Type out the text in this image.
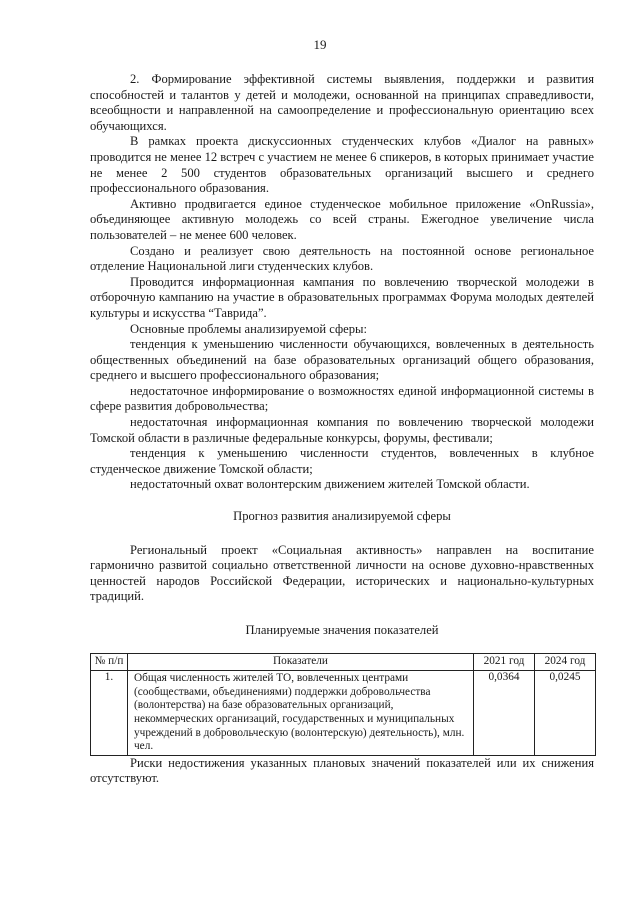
19

2. Формирование эффективной системы выявления, поддержки и развития способностей и талантов у детей и молодежи, основанной на принципах справедливости, всеобщности и направленной на самоопределение и профессиональную ориентацию всех обучающихся.

В рамках проекта дискуссионных студенческих клубов «Диалог на равных» проводится не менее 12 встреч с участием не менее 6 спикеров, в которых принимает участие не менее 2 500 студентов образовательных организаций высшего и среднего профессионального образования.

Активно продвигается единое студенческое мобильное приложение «OnRussia», объединяющее активную молодежь со всей страны. Ежегодное увеличение числа пользователей – не менее 600 человек.

Создано и реализует свою деятельность на постоянной основе региональное отделение Национальной лиги студенческих клубов.

Проводится информационная кампания по вовлечению творческой молодежи в отборочную кампанию на участие в образовательных программах Форума молодых деятелей культуры и искусства “Таврида”.

Основные проблемы анализируемой сферы:

тенденция к уменьшению численности обучающихся, вовлеченных в деятельность общественных объединений на базе образовательных организаций общего образования, среднего и высшего профессионального образования;

недостаточное информирование о возможностях единой информационной системы в сфере развития добровольчества;

недостаточная информационная компания по вовлечению творческой молодежи Томской области в различные федеральные конкурсы, форумы, фестивали;

тенденция к уменьшению численности студентов, вовлеченных в клубное студенческое движение Томской области;

недостаточный охват волонтерским движением жителей Томской области.

Прогноз развития анализируемой сферы

Региональный проект «Социальная активность» направлен на воспитание гармонично развитой социально ответственной личности на основе духовно-нравственных ценностей народов Российской Федерации, исторических и национально-культурных традиций.

Планируемые значения показателей
№ п/п	Показатели	2021 год	2024 год
1.	Общая численность жителей ТО, вовлеченных центрами (сообществами, объединениями) поддержки добровольчества (волонтерства) на базе образовательных организаций, некоммерческих организаций, государственных и муниципальных учреждений в добровольческую (волонтерскую) деятельность), млн. чел.	0,0364	0,0245

Риски недостижения указанных плановых значений показателей или их снижения отсутствуют.
